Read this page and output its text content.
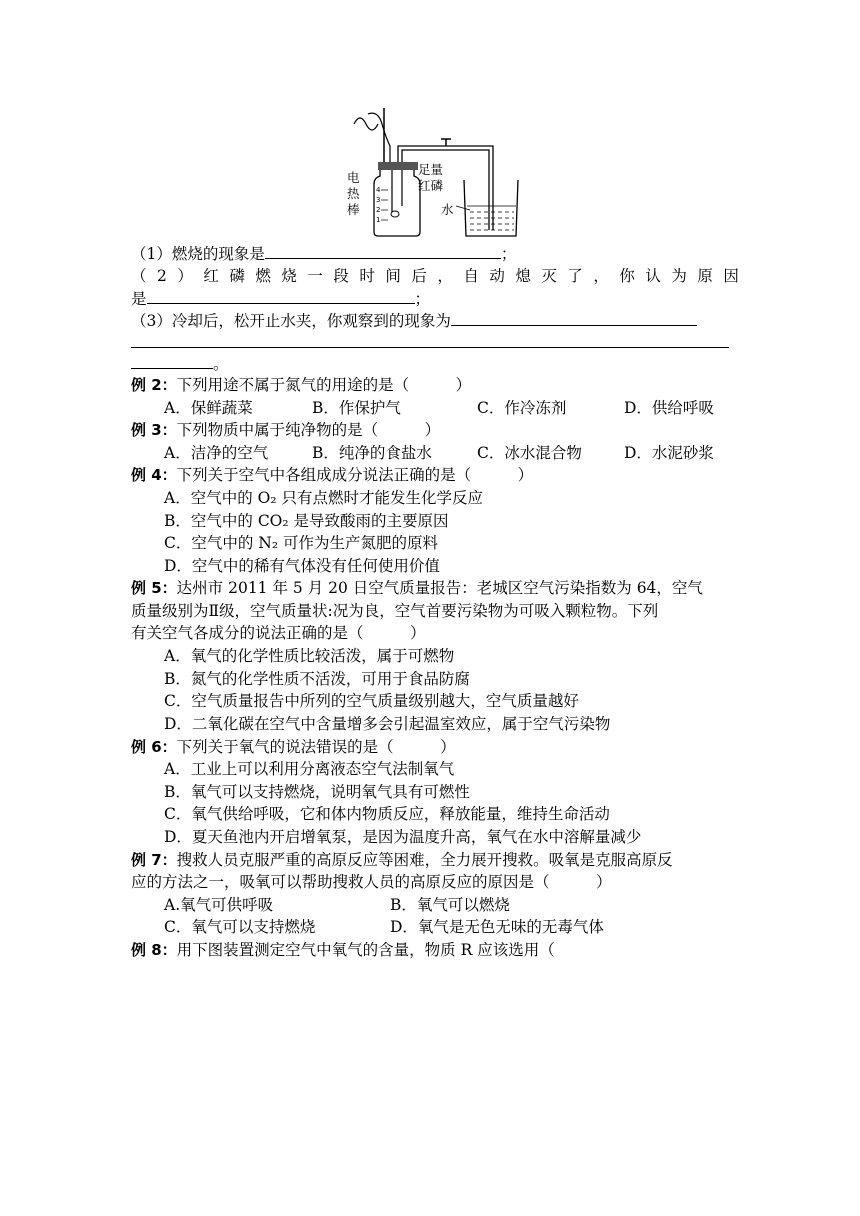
4
3
2
1
电
热
棒
足量
红磷
水
（1）燃烧的现象是	；
（2）红磷燃烧一段时间后，自动熄灭了，你认为原因
是	；
（3）冷却后，松开止水夹，你观察到的现象为
。
例 2：下列用途不属于氮气的用途的是（　　　）
A．保鲜蔬菜	B．作保护气	C．作冷冻剂	D．供给呼吸
例 3：下列物质中属于纯净物的是（　　　）
A．洁净的空气	B．纯净的食盐水	C．冰水混合物	D．水泥砂浆
例 4：下列关于空气中各组成成分说法正确的是（　　　）
A．空气中的 O₂ 只有点燃时才能发生化学反应
B．空气中的 CO₂ 是导致酸雨的主要原因
C．空气中的 N₂ 可作为生产氮肥的原料
D．空气中的稀有气体没有任何使用价值
例 5：达州市 2011 年 5 月 20 日空气质量报告：老城区空气污染指数为 64，空气
质量级别为Ⅱ级，空气质量状:况为良，空气首要污染物为可吸入颗粒物。下列
有关空气各成分的说法正确的是（　　　）
A．氧气的化学性质比较活泼，属于可燃物
B．氮气的化学性质不活泼，可用于食品防腐
C．空气质量报告中所列的空气质量级别越大，空气质量越好
D．二氧化碳在空气中含量增多会引起温室效应，属于空气污染物
例 6：下列关于氧气的说法错误的是（　　　）
A．工业上可以利用分离液态空气法制氧气
B．氧气可以支持燃烧，说明氧气具有可燃性
C．氧气供给呼吸，它和体内物质反应，释放能量，维持生命活动
D．夏天鱼池内开启增氧泵，是因为温度升高，氧气在水中溶解量减少
例 7：搜救人员克服严重的高原反应等困难，全力展开搜救。吸氧是克服高原反
应的方法之一，吸氧可以帮助搜救人员的高原反应的原因是（　　　）
A.氧气可供呼吸	B．氧气可以燃烧
C．氧气可以支持燃烧	D．氧气是无色无味的无毒气体
例 8：用下图装置测定空气中氧气的含量，物质 R 应该选用（
